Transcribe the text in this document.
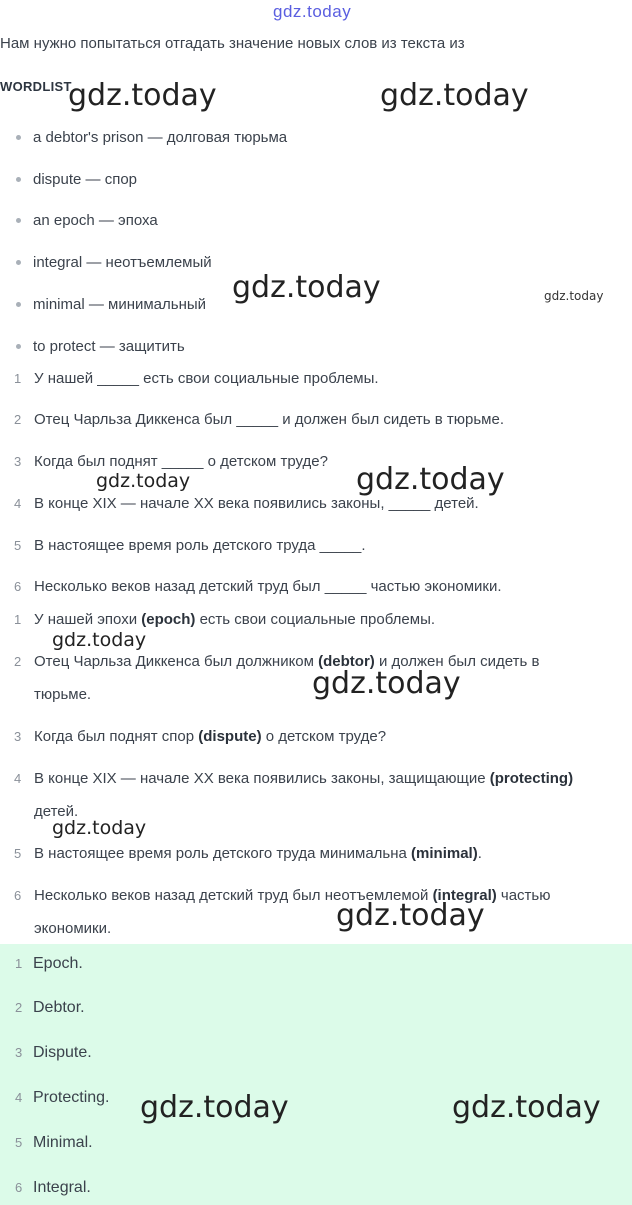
gdz.today
Нам нужно попытаться отгадать значение новых слов из текста из
WORDLIST
a debtor's prison — долговая тюрьма
dispute — спор
an epoch — эпоха
integral — неотъемлемый
minimal — минимальный
to protect — защитить
1 У нашей _____ есть свои социальные проблемы.
2 Отец Чарльза Диккенса был _____ и должен был сидеть в тюрьме.
3 Когда был поднят _____ о детском труде?
4 В конце XIX — начале XX века появились законы, _____ детей.
5 В настоящее время роль детского труда _____.
6 Несколько веков назад детский труд был _____ частью экономики.
1 У нашей эпохи (epoch) есть свои социальные проблемы.
2 Отец Чарльза Диккенса был должником (debtor) и должен был сидеть в
тюрьме.
3 Когда был поднят спор (dispute) о детском труде?
4 В конце XIX — начале XX века появились законы, защищающие (protecting)
детей.
5 В настоящее время роль детского труда минимальна (minimal).
6 Несколько веков назад детский труд был неотъемлемой (integral) частью
экономики.
1 Epoch.
2 Debtor.
3 Dispute.
4 Protecting.
5 Minimal.
6 Integral.
gdz.today	gdz.today
gdz.today	gdz.today
gdz.today	gdz.today
gdz.today
gdz.today
gdz.today
gdz.today
gdz.today	gdz.today
